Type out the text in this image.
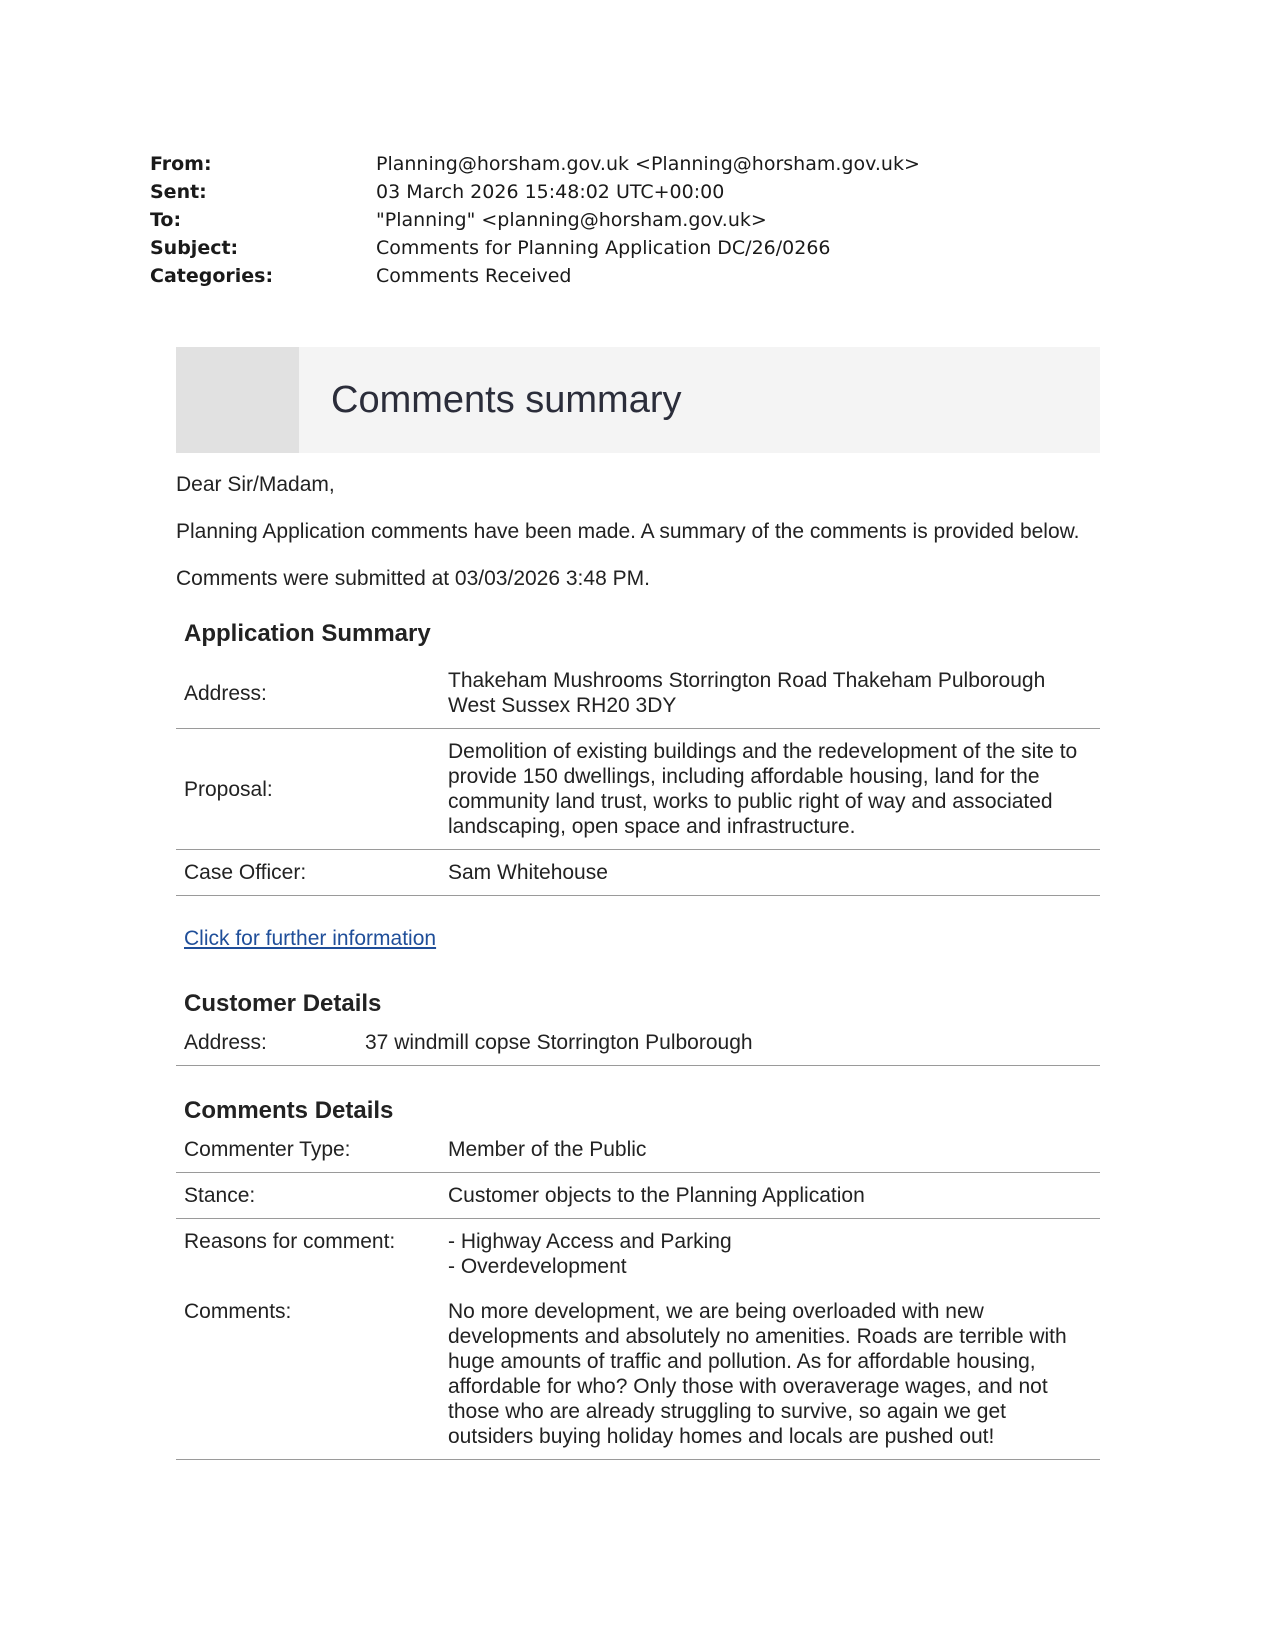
From:	Planning@horsham.gov.uk <Planning@horsham.gov.uk>
Sent:	03 March 2026 15:48:02 UTC+00:00
To:	"Planning" <planning@horsham.gov.uk>
Subject:	Comments for Planning Application DC/26/0266
Categories:	Comments Received
Comments summary

Dear Sir/Madam,

Planning Application comments have been made. A summary of the comments is provided below.

Comments were submitted at 03/03/2026 3:48 PM.

Application Summary
Address:	Thakeham Mushrooms Storrington Road Thakeham Pulborough West Sussex RH20 3DY
Proposal:	Demolition of existing buildings and the redevelopment of the site to provide 150 dwellings, including affordable housing, land for the community land trust, works to public right of way and associated landscaping, open space and infrastructure.
Case Officer:	Sam Whitehouse
Click for further information
Customer Details
Address:	37 windmill copse Storrington Pulborough
Comments Details
Commenter Type:	Member of the Public
Stance:	Customer objects to the Planning Application
Reasons for comment:	- Highway Access and Parking
- Overdevelopment

Comments:	No more development, we are being overloaded with new developments and absolutely no amenities. Roads are terrible with huge amounts of traffic and pollution. As for affordable housing, affordable for who? Only those with overaverage wages, and not those who are already struggling to survive, so again we get outsiders buying holiday homes and locals are pushed out!
